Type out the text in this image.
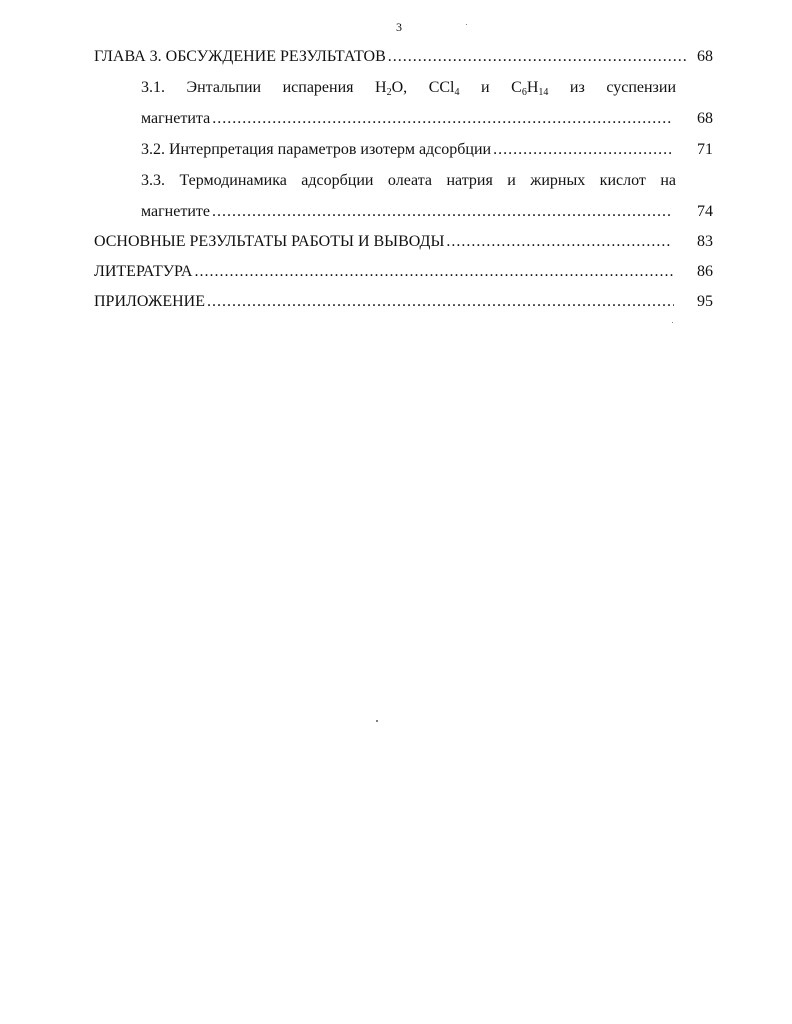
3
ГЛАВА 3. ОБСУЖДЕНИЕ РЕЗУЛЬТАТОВ .....	68
3.1. Энтальпии испарения $H_2O$, CCl$_4$ и $C_6H_{14}$ из суспензии
магнетита .....	68
3.2. Интерпретация параметров изотерм адсорбции .....	71
3.3. Термодинамика адсорбции олеата натрия и жирных кислот на
магнетите .....	74
ОСНОВНЫЕ РЕЗУЛЬТАТЫ РАБОТЫ И ВЫВОДЫ .....	83
ЛИТЕРАТУРА .....	86
ПРИЛОЖЕНИЕ .....	95
